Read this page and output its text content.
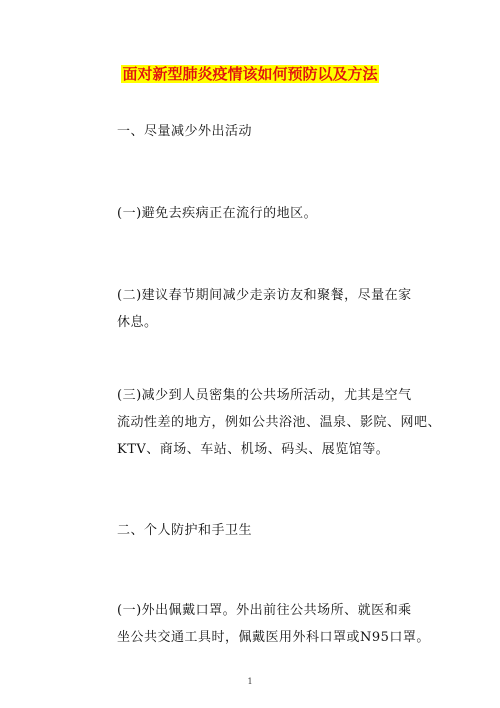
面对新型肺炎疫情该如何预防以及方法
一、尽量减少外出活动
(一)避免去疾病正在流行的地区。
(二)建议春节期间减少走亲访友和聚餐，尽量在家
休息。
(三)减少到人员密集的公共场所活动，尤其是空气
流动性差的地方，例如公共浴池、温泉、影院、网吧、
KTV、商场、车站、机场、码头、展览馆等。
二、个人防护和手卫生
(一)外出佩戴口罩。外出前往公共场所、就医和乘
坐公共交通工具时，佩戴医用外科口罩或N95口罩。
1
